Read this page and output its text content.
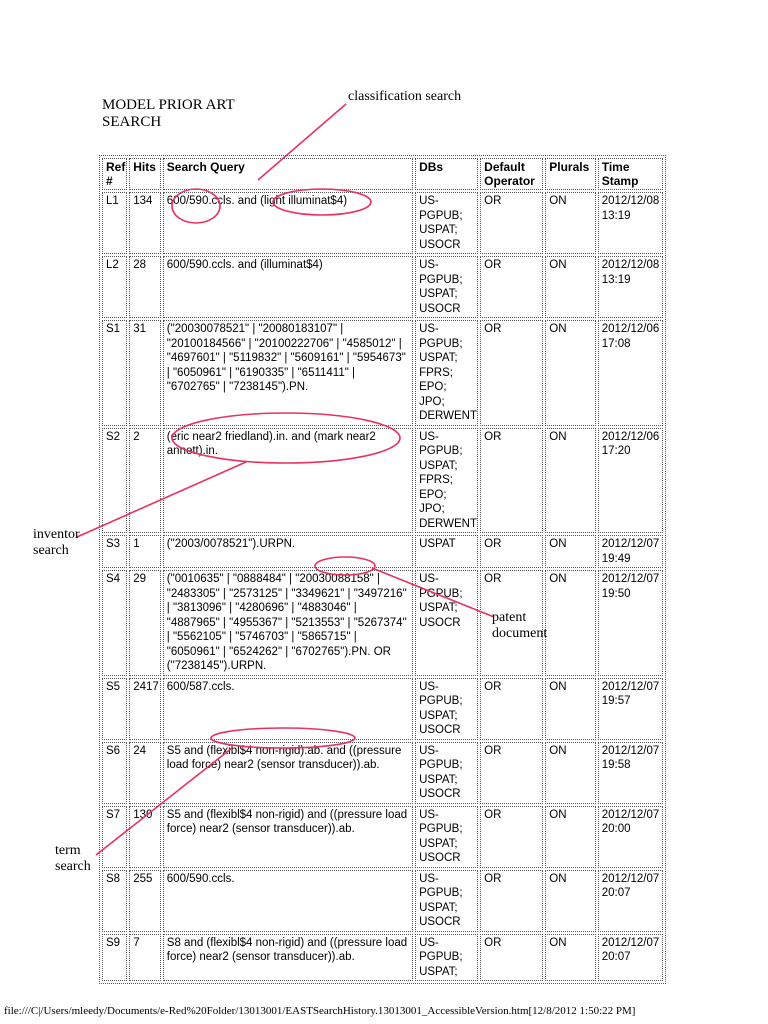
MODEL PRIOR ART
SEARCH
Ref #	Hits	Search Query	DBs	Default Operator	Plurals	Time Stamp
L1	134	600/590.ccls. and (light illuminat$4)	US-PGPUB; USPAT; USOCR	OR	ON	2012/12/08 13:19
L2	28	600/590.ccls. and (illuminat$4)	US-PGPUB; USPAT; USOCR	OR	ON	2012/12/08 13:19
S1	31	("20030078521" | "20080183107" | "20100184566" | "20100222706" | "4585012" | "4697601" | "5119832" | "5609161" | "5954673" | "6050961" | "6190335" | "6511411" | "6702765" | "7238145").PN.	US-PGPUB; USPAT; FPRS; EPO; JPO; DERWENT	OR	ON	2012/12/06 17:08
S2	2	(eric near2 friedland).in. and (mark near2 annett).in.	US-PGPUB; USPAT; FPRS; EPO; JPO; DERWENT	OR	ON	2012/12/06 17:20
S3	1	("2003/0078521").URPN.	USPAT	OR	ON	2012/12/07 19:49
S4	29	("0010635" | "0888484" | "20030088158" | "2483305" | "2573125" | "3349621" | "3497216" | "3813096" | "4280696" | "4883046" | "4887965" | "4955367" | "5213553" | "5267374" | "5562105" | "5746703" | "5865715" | "6050961" | "6524262" | "6702765").PN. OR ("7238145").URPN.	US-PGPUB; USPAT; USOCR	OR	ON	2012/12/07 19:50
S5	2417	600/587.ccls.	US-PGPUB; USPAT; USOCR	OR	ON	2012/12/07 19:57
S6	24	S5 and (flexibl$4 non-rigid).ab. and ((pressure load force) near2 (sensor transducer)).ab.	US-PGPUB; USPAT; USOCR	OR	ON	2012/12/07 19:58
S7	130	S5 and (flexibl$4 non-rigid) and ((pressure load force) near2 (sensor transducer)).ab.	US-PGPUB; USPAT; USOCR	OR	ON	2012/12/07 20:00
S8	255	600/590.ccls.	US-PGPUB; USPAT; USOCR	OR	ON	2012/12/07 20:07
S9	7	S8 and (flexibl$4 non-rigid) and ((pressure load force) near2 (sensor transducer)).ab.	US-PGPUB; USPAT;	OR	ON	2012/12/07 20:07
classification search
inventor
search
patent
document
term
search
file:///C|/Users/mleedy/Documents/e-Red%20Folder/13013001/EASTSearchHistory.13013001_AccessibleVersion.htm[12/8/2012 1:50:22 PM]
